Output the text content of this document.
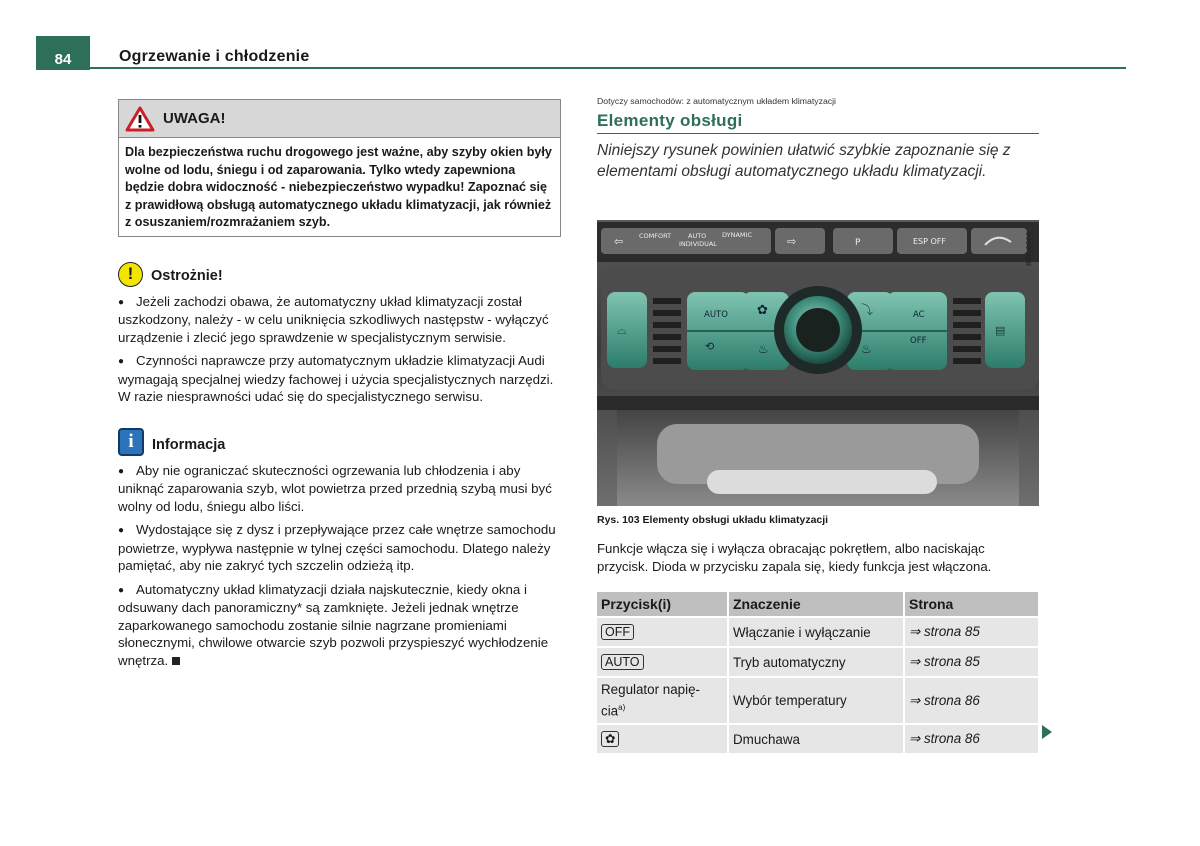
84	Ogrzewanie i chłodzenie
UWAGA!
Dla bezpieczeństwa ruchu drogowego jest ważne, aby szyby okien były wolne od lodu, śniegu i od zaparowania. Tylko wtedy zapewniona będzie dobra widoczność - niebezpieczeństwo wypadku! Zapoznać się z prawidłową obsługą automatycznego układu klimatyzacji, jak również z osuszaniem/rozmrażaniem szyb.
!	Ostrożnie!
● Jeżeli zachodzi obawa, że automatyczny układ klimatyzacji został uszkodzony, należy - w celu uniknięcia szkodliwych następstw - wyłączyć urządzenie i zlecić jego sprawdzenie w specjalistycznym serwisie.
● Czynności naprawcze przy automatycznym układzie klimatyzacji Audi wymagają specjalnej wiedzy fachowej i użycia specjalistycznych narzędzi. W razie niesprawności udać się do specjalistycznego serwisu.
i	Informacja
● Aby nie ograniczać skuteczności ogrzewania lub chłodzenia i aby uniknąć zaparowania szyb, wlot powietrza przed przednią szybą musi być wolny od lodu, śniegu albo liści.
● Wydostające się z dysz i przepływające przez całe wnętrze samochodu powietrze, wypływa następnie w tylnej części samochodu. Dlatego należy pamiętać, aby nie zakryć tych szczelin odzieżą itp.
● Automatyczny układ klimatyzacji działa najskutecznie, kiedy okna i odsuwany dach panoramiczny* są zamknięte. Jeżeli jednak wnętrze zaparkowanego samochodu zostanie silnie nagrzane promieniami słonecznymi, chwilowe otwarcie szyb pozwoli przyspieszyć wychłodzenie wnętrza.
Dotyczy samochodów: z automatycznym układem klimatyzacji
Elementy obsługi
Niniejszy rysunek powinien ułatwić szybkie zapoznanie się z elementami obsługi automatycznego układu klimatyzacji.
⇦ COMFORT	AUTO DYNAMIC
INDIVIDUAL	⇨	P	ESP OFF	B8R-0066
⌓	▤
AUTO	AC
OFF
✿
⟲	♨
⤵
♨
Rys. 103 Elementy obsługi układu klimatyzacji
Funkcje włącza się i wyłącza obracając pokrętłem, albo naciskając przycisk. Dioda w przycisku zapala się, kiedy funkcja jest włączona.
Przycisk(i)	Znaczenie	Strona
OFF	Włączanie i wyłączanie	⇒ strona 85
AUTO	Tryb automatyczny	⇒ strona 85
Regulator napię-cia$^{a)}$	Wybór temperatury	⇒ strona 86
✿	Dmuchawa	⇒ strona 86
